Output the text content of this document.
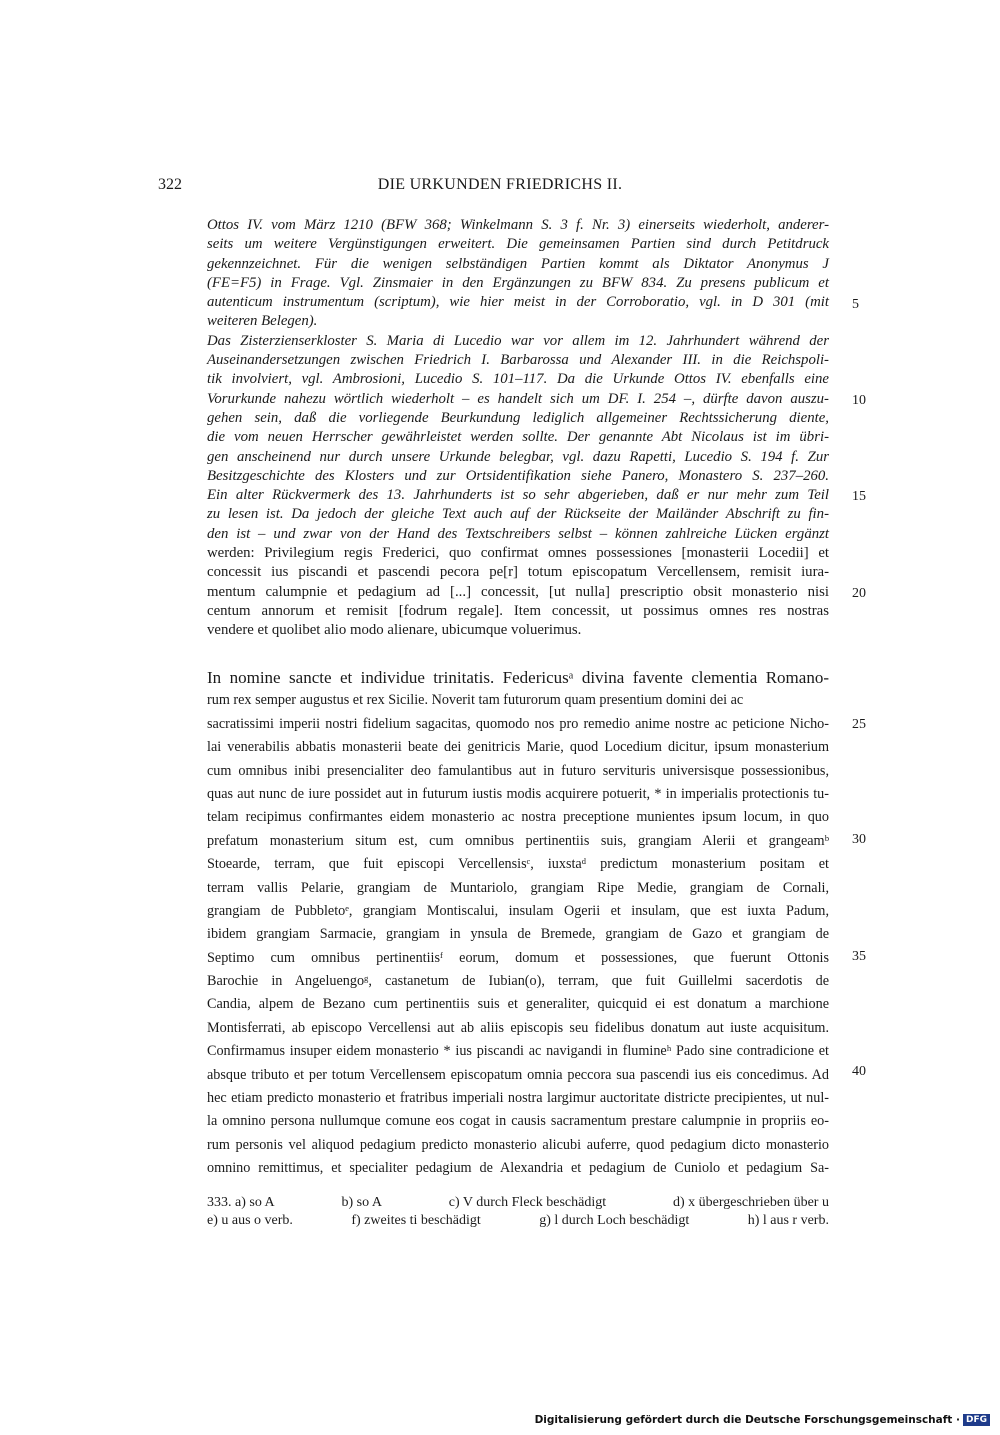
322	DIE URKUNDEN FRIEDRICHS II.
Ottos IV. vom März 1210 (BFW 368; Winkelmann S. 3 f. Nr. 3) einerseits wiederholt, anderer-
seits um weitere Vergünstigungen erweitert. Die gemeinsamen Partien sind durch Petitdruck
gekennzeichnet. Für die wenigen selbständigen Partien kommt als Diktator Anonymus J
(FE=F5) in Frage. Vgl. Zinsmaier in den Ergänzungen zu BFW 834. Zu presens publicum et
autenticum instrumentum (scriptum), wie hier meist in der Corroboratio, vgl. in D 301 (mit
weiteren Belegen).
Das Zisterzienserkloster S. Maria di Lucedio war vor allem im 12. Jahrhundert während der
Auseinandersetzungen zwischen Friedrich I. Barbarossa und Alexander III. in die Reichspoli-
tik involviert, vgl. Ambrosioni, Lucedio S. 101–117. Da die Urkunde Ottos IV. ebenfalls eine
Vorurkunde nahezu wörtlich wiederholt – es handelt sich um DF. I. 254 –, dürfte davon auszu-
gehen sein, daß die vorliegende Beurkundung lediglich allgemeiner Rechtssicherung diente,
die vom neuen Herrscher gewährleistet werden sollte. Der genannte Abt Nicolaus ist im übri-
gen anscheinend nur durch unsere Urkunde belegbar, vgl. dazu Rapetti, Lucedio S. 194 f. Zur
Besitzgeschichte des Klosters und zur Ortsidentifikation siehe Panero, Monastero S. 237–260.
Ein alter Rückvermerk des 13. Jahrhunderts ist so sehr abgerieben, daß er nur mehr zum Teil
zu lesen ist. Da jedoch der gleiche Text auch auf der Rückseite der Mailänder Abschrift zu fin-
den ist – und zwar von der Hand des Textschreibers selbst – können zahlreiche Lücken ergänzt
werden: Privilegium regis Frederici, quo confirmat omnes possessiones [monasterii Locedii] et
concessit ius piscandi et pascendi pecora pe[r] totum episcopatum Vercellensem, remisit iura-
mentum calumpnie et pedagium ad [...] concessit, [ut nulla] prescriptio obsit monasterio nisi
centum annorum et remisit [fodrum regale]. Item concessit, ut possimus omnes res nostras
vendere et quolibet alio modo alienare, ubicumque voluerimus.
5
10
15
20
In nomine sancte et individue trinitatis. Federicusᵃ divina favente clementia Romano-
rum rex semper augustus et rex Sicilie. Noverit tam futurorum quam presentium domini dei ac
sacratissimi imperii nostri fidelium sagacitas, quomodo nos pro remedio anime nostre ac peticione Nicho-
lai venerabilis abbatis monasterii beate dei genitricis Marie, quod Locedium dicitur, ipsum monasterium
cum omnibus inibi presencialiter deo famulantibus aut in futuro servituris universisque possessionibus,
quas aut nunc de iure possidet aut in futurum iustis modis acquirere potuerit, * in imperialis protectionis tu-
telam recipimus confirmantes eidem monasterio ac nostra preceptione munientes ipsum locum, in quo
prefatum monasterium situm est, cum omnibus pertinentiis suis, grangiam Alerii et grangeamᵇ
Stoearde, terram, que fuit episcopi Vercellensisᶜ, iuxstaᵈ predictum monasterium positam et
terram vallis Pelarie, grangiam de Muntariolo, grangiam Ripe Medie, grangiam de Cornali,
grangiam de Pubbletoᵉ, grangiam Montiscalui, insulam Ogerii et insulam, que est iuxta Padum,
ibidem grangiam Sarmacie, grangiam in ynsula de Bremede, grangiam de Gazo et grangiam de
Septimo cum omnibus pertinentiisᶠ eorum, domum et possessiones, que fuerunt Ottonis
Barochie in Angeluengoᵍ, castanetum de Iubian(o), terram, que fuit Guillelmi sacerdotis de
Candia, alpem de Bezano cum pertinentiis suis et generaliter, quicquid ei est donatum a marchione
Montisferrati, ab episcopo Vercellensi aut ab aliis episcopis seu fidelibus donatum aut iuste acquisitum.
Confirmamus insuper eidem monasterio * ius piscandi ac navigandi in flumineʰ Pado sine contradicione et
absque tributo et per totum Vercellensem episcopatum omnia peccora sua pascendi ius eis concedimus. Ad
hec etiam predicto monasterio et fratribus imperiali nostra largimur auctoritate districte precipientes, ut nul-
la omnino persona nullumque comune eos cogat in causis sacramentum prestare calumpnie in propriis eo-
rum personis vel aliquod pedagium predicto monasterio alicubi auferre, quod pedagium dicto monasterio
omnino remittimus, et specialiter pedagium de Alexandria et pedagium de Cuniolo et pedagium Sa-
25
30
35
40
333. a) so A	b) so A	c) V durch Fleck beschädigt	d) x übergeschrieben über u
e) u aus o verb.	f) zweites ti beschädigt	g) l durch Loch beschädigt	h) l aus r verb.
Digitalisierung gefördert durch die Deutsche Forschungsgemeinschaft · DFG
